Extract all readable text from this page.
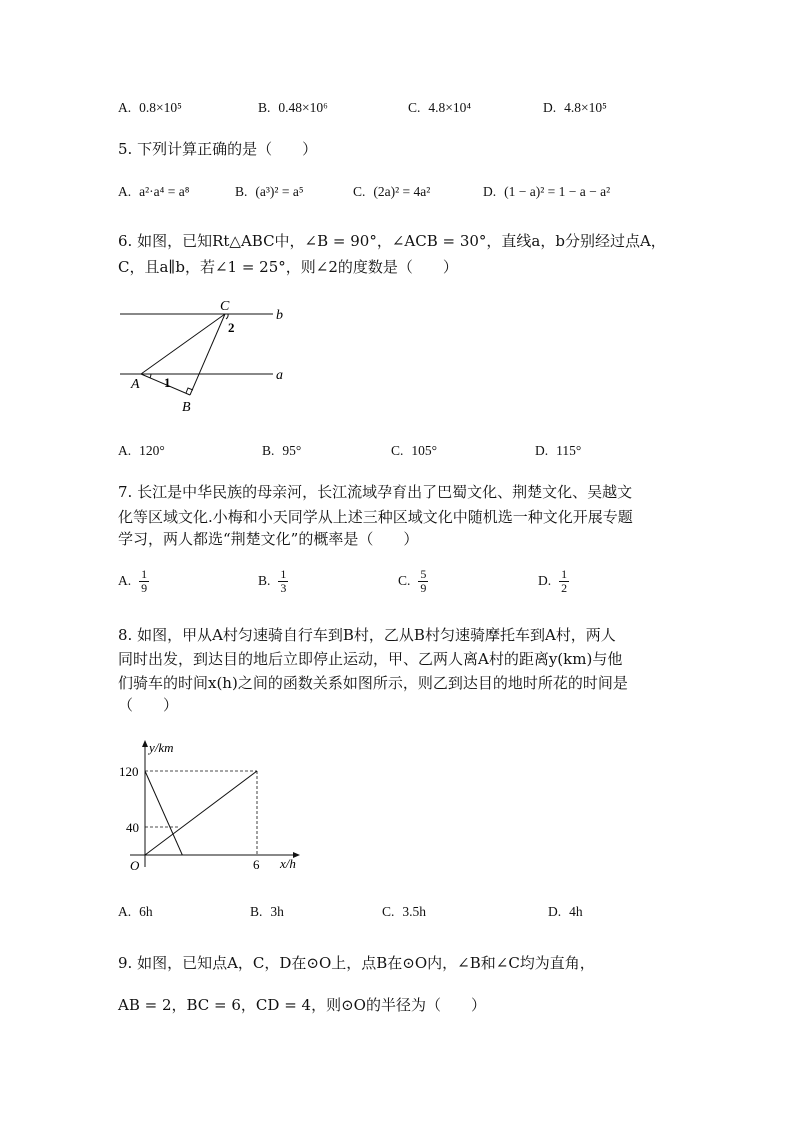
A. 0.8×10⁵	B. 0.48×10⁶	C. 4.8×10⁴	D. 4.8×10⁵
5. 下列计算正确的是（　　）
A. a²·a⁴ = a⁸	B. (a³)² = a⁵	C. (2a)² = 4a²	D. (1 − a)² = 1 − a − a²
6. 如图，已知Rt△ABC中，∠B = 90°，∠ACB = 30°，直线a，b分别经过点A，
C，且a∥b，若∠1 = 25°，则∠2的度数是（　　）
C
2
b
a
A 1
B
A. 120°	B. 95°	C. 105°	D. 115°
7. 长江是中华民族的母亲河，长江流域孕育出了巴蜀文化、荆楚文化、吴越文
化等区域文化.小梅和小天同学从上述三种区域文化中随机选一种文化开展专题
学习，两人都选“荆楚文化”的概率是（　　）
A. $\frac{1}{9}$	B. $\frac{1}{3}$	C. $\frac{5}{9}$	D. $\frac{1}{2}$
8. 如图，甲从A村匀速骑自行车到B村，乙从B村匀速骑摩托车到A村，两人
同时出发，到达目的地后立即停止运动，甲、乙两人离A村的距离y(km)与他
们骑车的时间x(h)之间的函数关系如图所示，则乙到达目的地时所花的时间是
（　　）
y/km
x/h
O
120
40
6
A. 6h	B. 3h	C. 3.5h	D. 4h
9. 如图，已知点A，C，D在⊙O上，点B在⊙O内，∠B和∠C均为直角，
AB = 2，BC = 6，CD = 4，则⊙O的半径为（　　）
